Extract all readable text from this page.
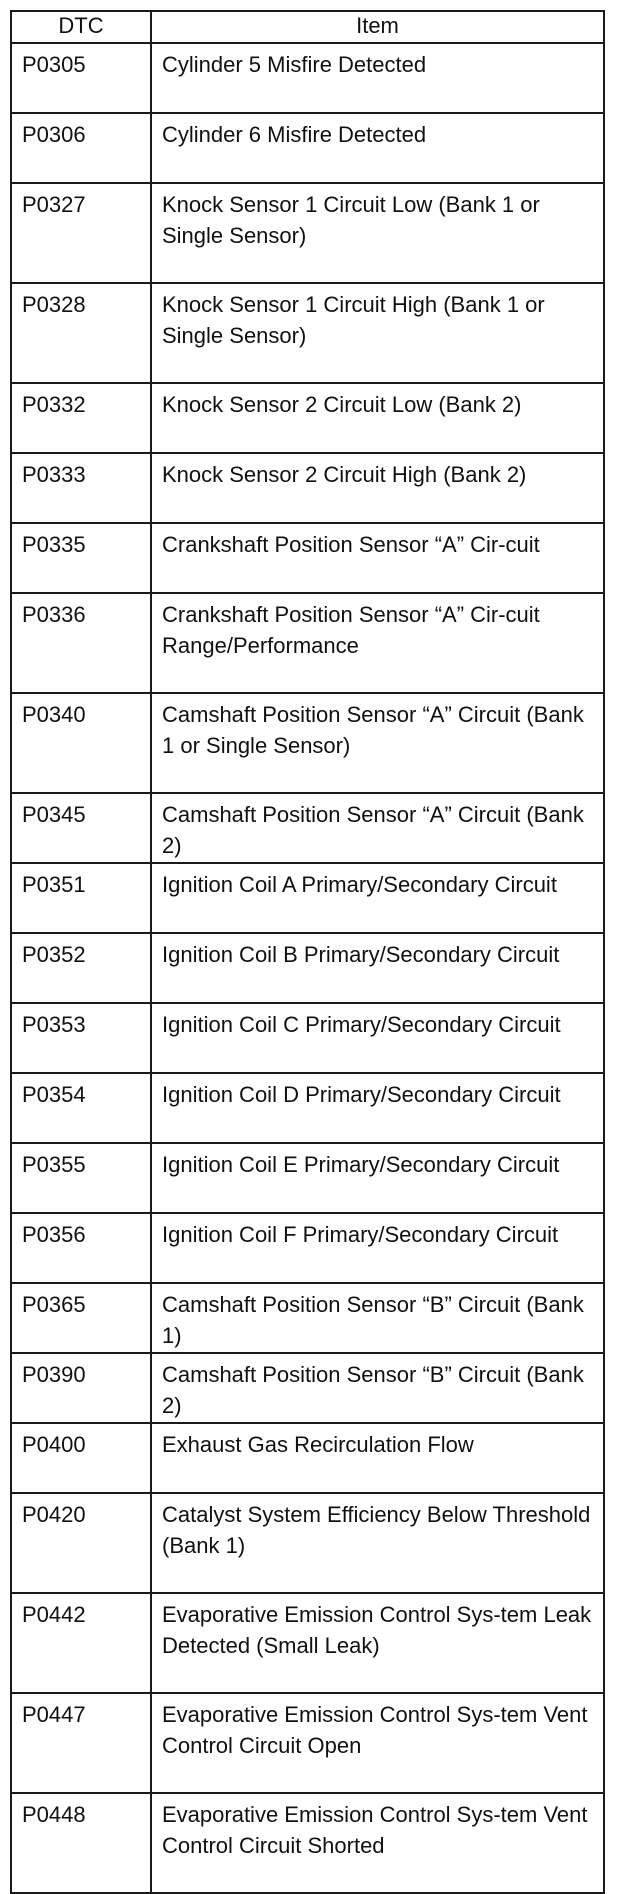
DTC	Item
P0305	Cylinder 5 Misfire Detected
P0306	Cylinder 6 Misfire Detected
P0327	Knock Sensor 1 Circuit Low (Bank 1 or Single Sensor)
P0328	Knock Sensor 1 Circuit High (Bank 1 or Single Sensor)
P0332	Knock Sensor 2 Circuit Low (Bank 2)
P0333	Knock Sensor 2 Circuit High (Bank 2)
P0335	Crankshaft Position Sensor “A” Cir-cuit
P0336	Crankshaft Position Sensor “A” Cir-cuit Range/Performance
P0340	Camshaft Position Sensor “A” Circuit (Bank 1 or Single Sensor)
P0345	Camshaft Position Sensor “A” Circuit (Bank 2)
P0351	Ignition Coil A Primary/Secondary Circuit
P0352	Ignition Coil B Primary/Secondary Circuit
P0353	Ignition Coil C Primary/Secondary Circuit
P0354	Ignition Coil D Primary/Secondary Circuit
P0355	Ignition Coil E Primary/Secondary Circuit
P0356	Ignition Coil F Primary/Secondary Circuit
P0365	Camshaft Position Sensor “B” Circuit (Bank 1)
P0390	Camshaft Position Sensor “B” Circuit (Bank 2)
P0400	Exhaust Gas Recirculation Flow
P0420	Catalyst System Efficiency Below Threshold (Bank 1)
P0442	Evaporative Emission Control Sys-tem Leak Detected (Small Leak)
P0447	Evaporative Emission Control Sys-tem Vent Control Circuit Open
P0448	Evaporative Emission Control Sys-tem Vent Control Circuit Shorted
